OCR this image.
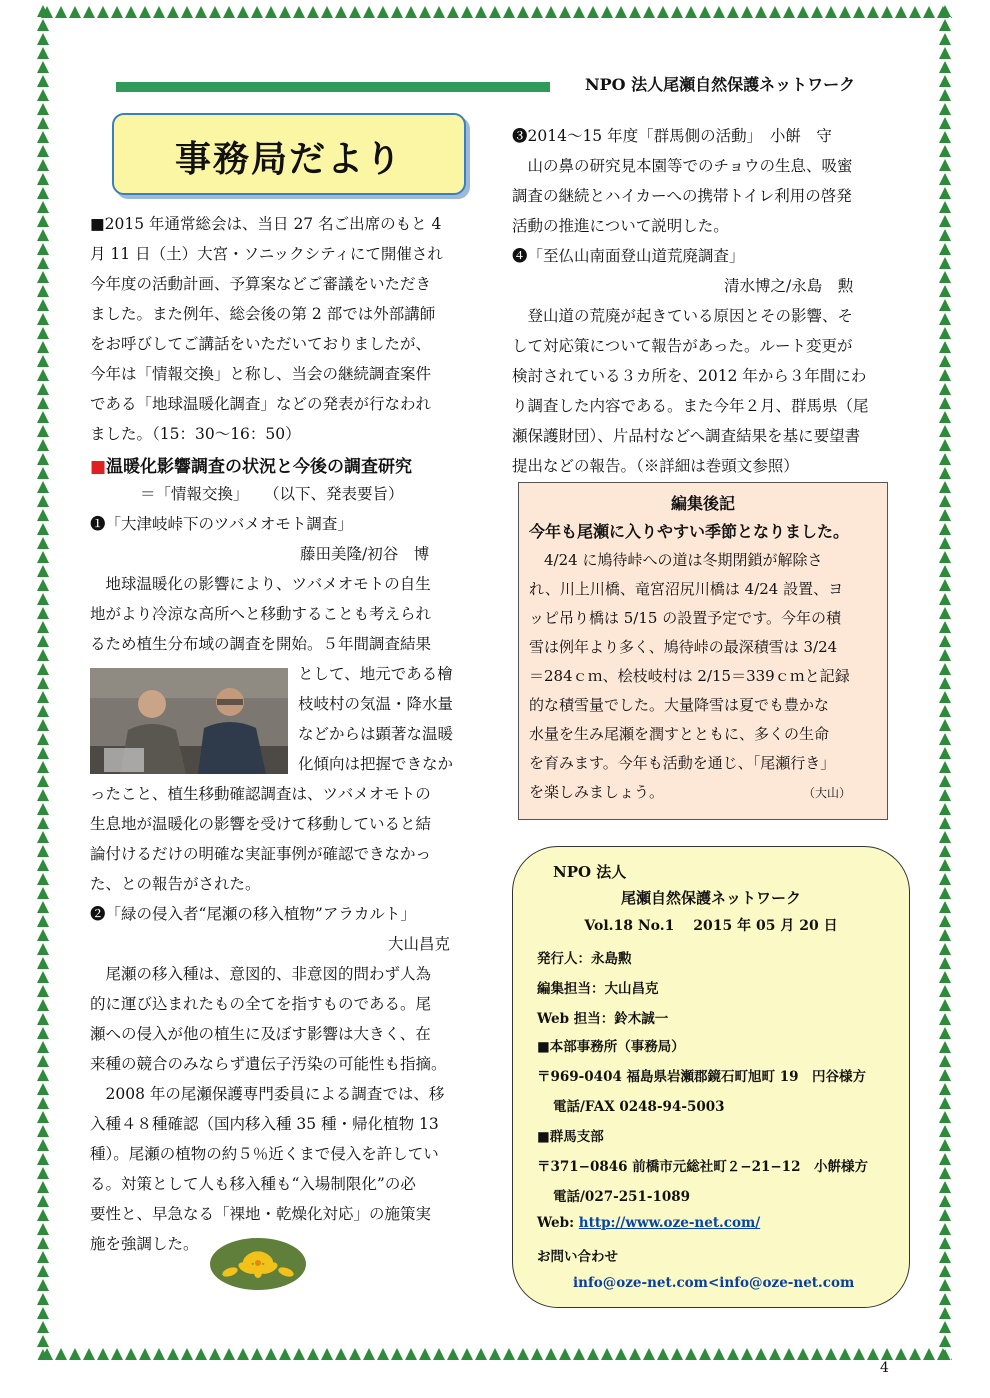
NPO 法人尾瀬自然保護ネットワーク
事務局だより
■2015 年通常総会は、当日 27 名ご出席のもと 4
月 11 日（土）大宮・ソニックシティにて開催され
今年度の活動計画、予算案などご審議をいただき
ました。また例年、総会後の第 2 部では外部講師
をお呼びしてご講話をいただいておりましたが、
今年は「情報交換」と称し、当会の継続調査案件
である「地球温暖化調査」などの発表が行なわれ
ました。（15：30〜16：50）
■温暖化影響調査の状況と今後の調査研究
＝「情報交換」　　（以下、発表要旨）
❶「大津岐峠下のツバメオモト調査」
藤田美隆/初谷　博
　地球温暖化の影響により、ツバメオモトの自生
地がより冷涼な高所へと移動することも考えられ
るため植生分布域の調査を開始。５年間調査結果
として、地元である檜
枝岐村の気温・降水量
などからは顕著な温暖
化傾向は把握できなか
ったこと、植生移動確認調査は、ツバメオモトの
生息地が温暖化の影響を受けて移動していると結
論付けるだけの明確な実証事例が確認できなかっ
た、との報告がされた。
❷「緑の侵入者“尾瀬の移入植物”アラカルト」
大山昌克
　尾瀬の移入種は、意図的、非意図的問わず人為
的に運び込まれたもの全てを指すものである。尾
瀬への侵入が他の植生に及ぼす影響は大きく、在
来種の競合のみならず遺伝子汚染の可能性も指摘。
　2008 年の尾瀬保護専門委員による調査では、移
入種４８種確認（国内移入種 35 種・帰化植物 13
種）。尾瀬の植物の約５％近くまで侵入を許してい
る。対策として人も移入種も“入場制限化”の必
要性と、早急なる「裸地・乾燥化対応」の施策実
施を強調した。
❸2014〜15 年度「群馬側の活動」　小餠　守
　山の鼻の研究見本園等でのチョウの生息、吸蜜
調査の継続とハイカーへの携帯トイレ利用の啓発
活動の推進について説明した。
❹「至仏山南面登山道荒廃調査」
清水博之/永島　勲
　登山道の荒廃が起きている原因とその影響、そ
して対応策について報告があった。ルート変更が
検討されている３カ所を、2012 年から３年間にわ
り調査した内容である。また今年２月、群馬県（尾
瀬保護財団）、片品村などへ調査結果を基に要望書
提出などの報告。（※詳細は巻頭文参照）
編集後記
今年も尾瀬に入りやすい季節となりました。
　4/24 に鳩待峠への道は冬期閉鎖が解除さ
れ、川上川橋、竜宮沼尻川橋は 4/24 設置、ヨ
ッピ吊り橋は 5/15 の設置予定です。今年の積
雪は例年より多く、鳩待峠の最深積雪は 3/24
＝284ｃｍ、桧枝岐村は 2/15＝339ｃｍと記録
的な積雪量でした。大量降雪は夏でも豊かな
水量を生み尾瀬を潤すとともに、多くの生命
を育みます。今年も活動を通じ、「尾瀬行き」
を楽しみましょう。	（大山）
NPO 法人
尾瀬自然保護ネットワーク
Vol.18 No.1　 2015 年 05 月 20 日
発行人：永島勲
編集担当：大山昌克
Web 担当：鈴木誠一
■本部事務所（事務局）
〒969-0404 福島県岩瀬郡鏡石町旭町 19　円谷様方
電話/FAX 0248-94-5003
■群馬支部
〒371−0846 前橋市元総社町２−21−12　小餠様方
電話/027-251-1089
Web: http://www.oze-net.com/
お問い合わせ
info@oze-net.com<info@oze-net.com
4
